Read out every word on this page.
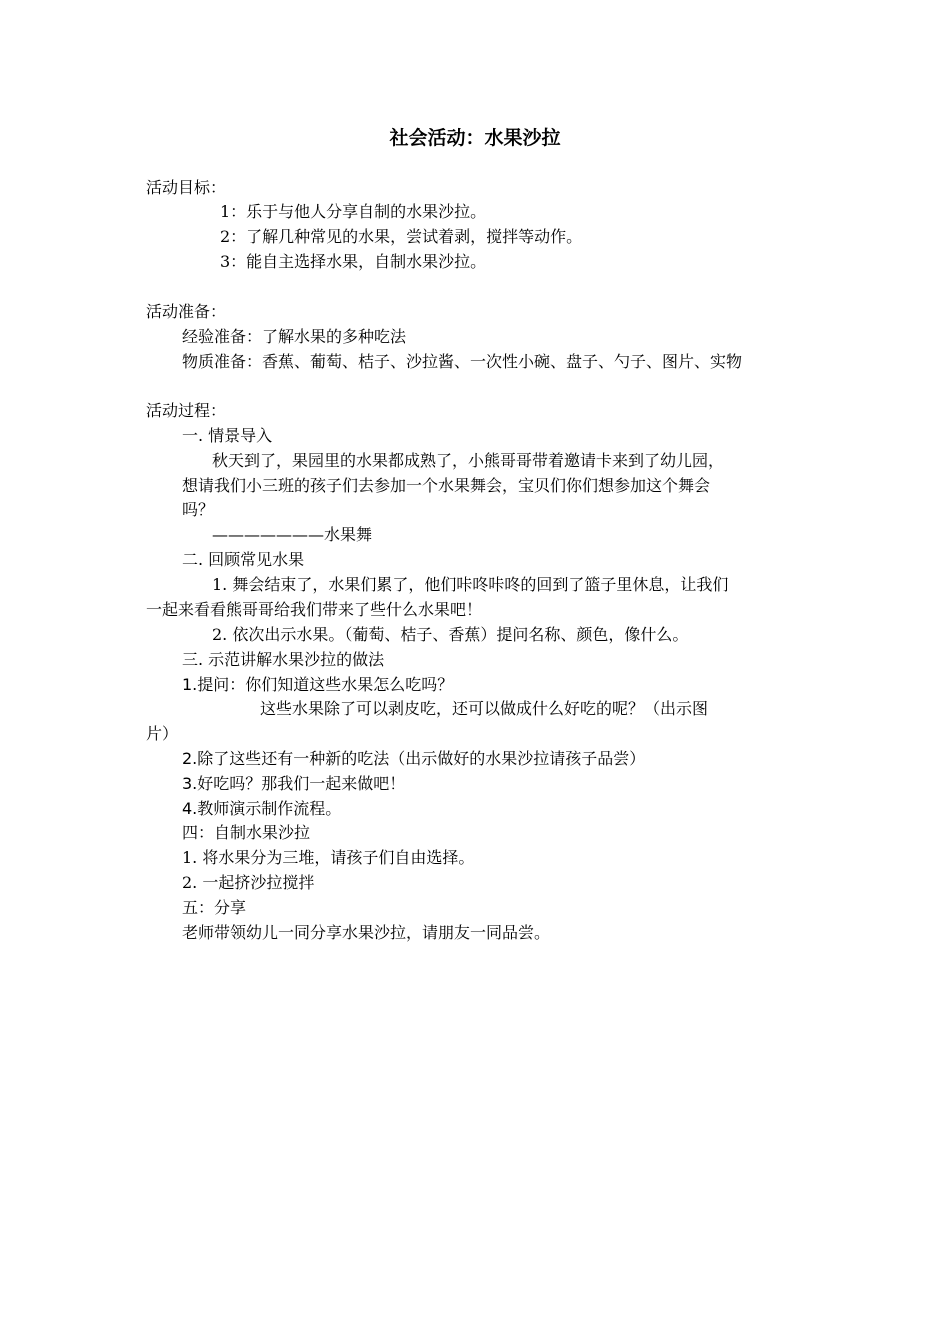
社会活动：水果沙拉
活动目标：
1：乐于与他人分享自制的水果沙拉。
2：了解几种常见的水果，尝试着剥，搅拌等动作。
3：能自主选择水果，自制水果沙拉。
活动准备：
经验准备：了解水果的多种吃法
物质准备：香蕉、葡萄、桔子、沙拉酱、一次性小碗、盘子、勺子、图片、实物
活动过程：
一. 情景导入
秋天到了，果园里的水果都成熟了，小熊哥哥带着邀请卡来到了幼儿园，
想请我们小三班的孩子们去参加一个水果舞会，宝贝们你们想参加这个舞会
吗？
———————水果舞
二. 回顾常见水果
1. 舞会结束了，水果们累了，他们咔咚咔咚的回到了篮子里休息，让我们
一起来看看熊哥哥给我们带来了些什么水果吧！
2. 依次出示水果。（葡萄、桔子、香蕉）提问名称、颜色，像什么。
三. 示范讲解水果沙拉的做法
1.提问：你们知道这些水果怎么吃吗？
这些水果除了可以剥皮吃，还可以做成什么好吃的呢？（出示图
片）
2.除了这些还有一种新的吃法（出示做好的水果沙拉请孩子品尝）
3.好吃吗？那我们一起来做吧！
4.教师演示制作流程。
四：自制水果沙拉
1. 将水果分为三堆，请孩子们自由选择。
2. 一起挤沙拉搅拌
五：分享
老师带领幼儿一同分享水果沙拉，请朋友一同品尝。
